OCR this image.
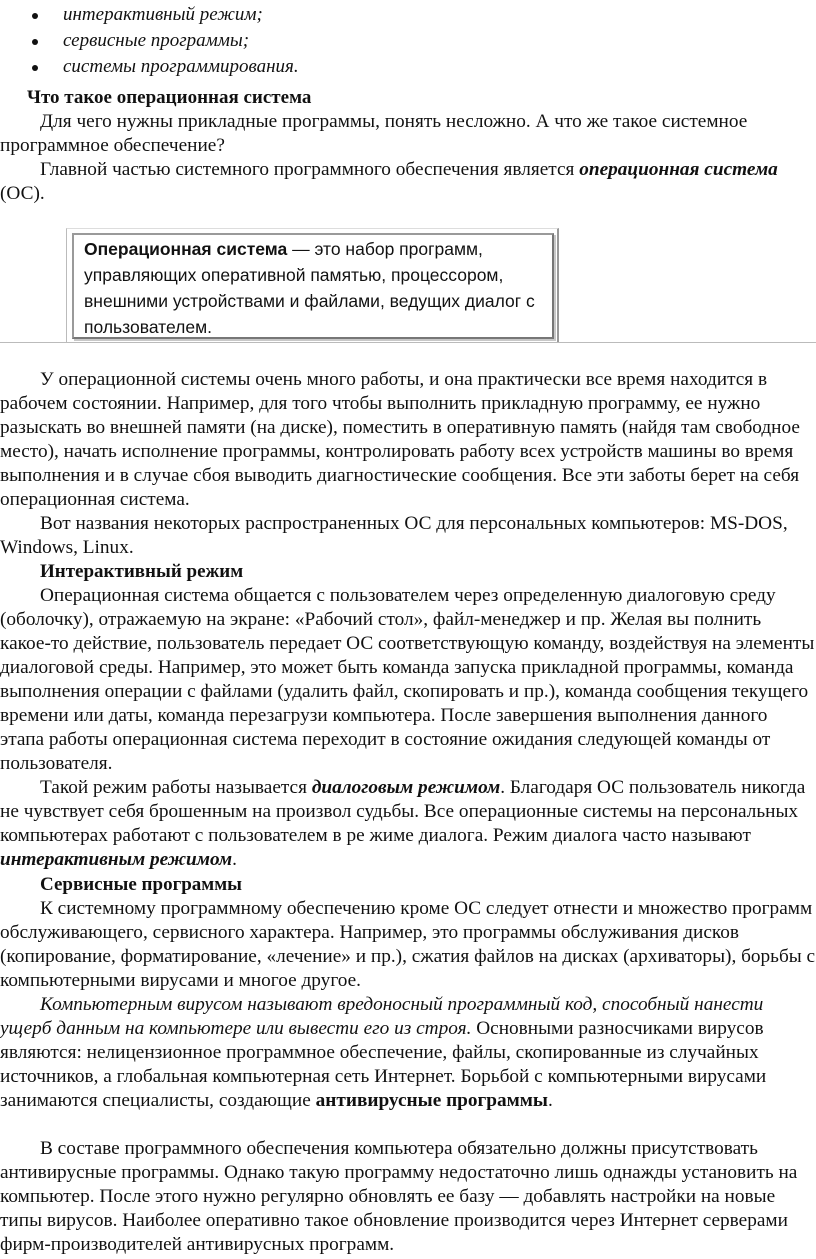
интерактивный режим;
сервисные программы;
системы программирования.
Что такое операционная система

Для чего нужны прикладные программы, понять несложно. А что же такое системное программное обеспечение?

Главной частью системного программного обеспечения является операционная система (ОС).

Операционная система — это набор программ, управляющих оперативной памятью, процессором, внешними устройствами и файлами, ведущих диалог с пользователем.

У операционной системы очень много работы, и она практически все время находится в рабочем состоянии. Например, для того чтобы выполнить прикладную программу, ее нужно разыскать во внешней памяти (на диске), поместить в оперативную память (найдя там свободное место), начать исполнение программы, контролировать работу всех устройств машины во время выполнения и в случае сбоя выводить диагностические сообщения. Все эти заботы берет на себя операционная система.

Вот названия некоторых распространенных ОС для персональных компьютеров: MS-DOS, Windows, Linux.

Интерактивный режим

Операционная система общается с пользователем через определенную диалоговую среду (оболочку), отражаемую на экране: «Рабочий стол», файл-менеджер и пр. Желая вы полнить какое-то действие, пользователь передает ОС соответствующую команду, воздействуя на элементы диалоговой среды. Например, это может быть команда запуска прикладной программы, команда выполнения операции с файлами (удалить файл, скопировать и пр.), команда сообщения текущего времени или даты, команда перезагрузи компьютера. После завершения выполнения данного этапа работы операционная система переходит в состояние ожидания следующей команды от пользователя.

Такой режим работы называется диалоговым режимом. Благодаря ОС пользователь никогда не чувствует себя брошенным на произвол судьбы. Все операционные системы на персональных компьютерах работают с пользователем в ре жиме диалога. Режим диалога часто называют интерактивным режимом.

Сервисные программы

К системному программному обеспечению кроме ОС следует отнести и множество программ обслуживающего, сервисного характера. Например, это программы обслуживания дисков (копирование, форматирование, «лечение» и пр.), сжатия файлов на дисках (архиваторы), борьбы с компьютерными вирусами и многое другое.

Компьютерным вирусом называют вредоносный программный код, способный нанести ущерб данным на компьютере или вывести его из строя. Основными разносчиками вирусов являются: нелицензионное программное обеспечение, файлы, скопированные из случайных источников, а глобальная компьютерная сеть Интернет. Борьбой с компьютерными вирусами занимаются специалисты, создающие антивирусные программы.

В составе программного обеспечения компьютера обязательно должны присутствовать антивирусные программы. Однако такую программу недостаточно лишь однажды установить на компьютер. После этого нужно регулярно обновлять ее базу — добавлять настройки на новые типы вирусов. Наиболее оперативно такое обновление производится через Интернет серверами фирм-производителей антивирусных программ.
